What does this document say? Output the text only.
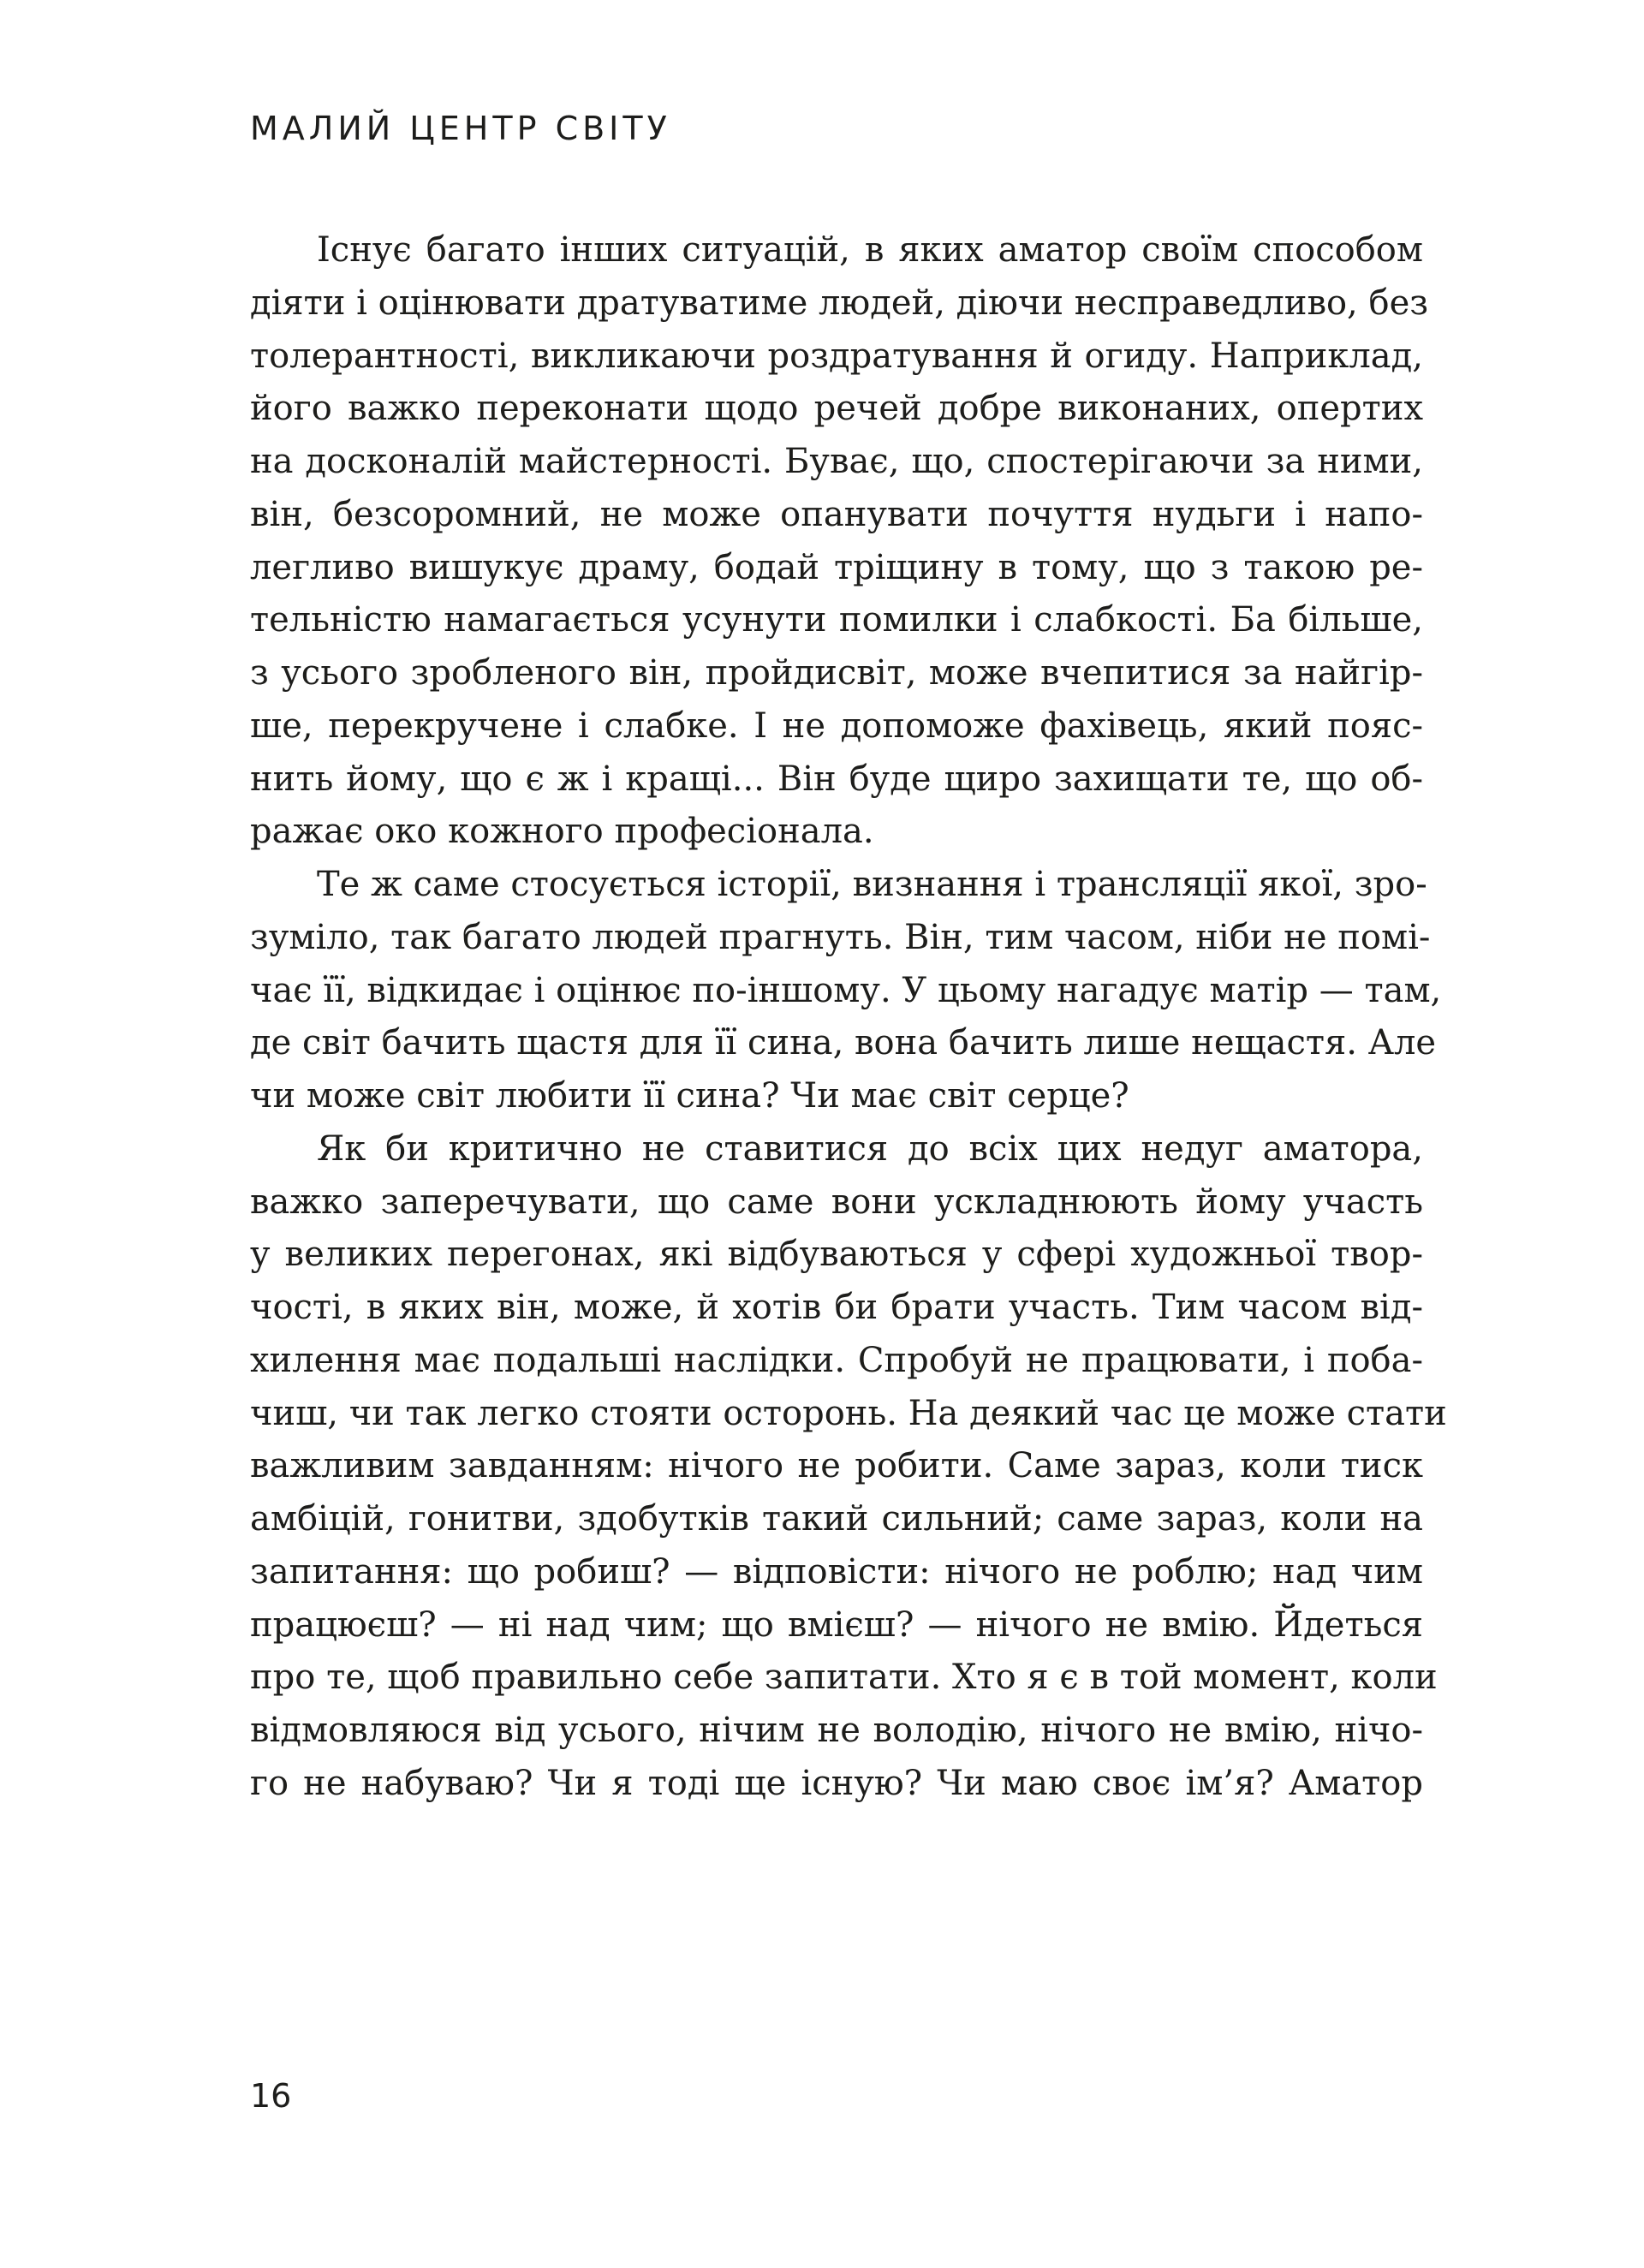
МАЛИЙ ЦЕНТР СВІТУ
Існує багато інших ситуацій, в яких аматор своїм способом
діяти і оцінювати дратуватиме людей, діючи несправедливо, без
толерантності, викликаючи роздратування й огиду. Наприклад,
його важко переконати щодо речей добре виконаних, опертих
на досконалій майстерності. Буває, що, спостерігаючи за ними,
він, безсоромний, не може опанувати почуття нудьги і напо-
легливо вишукує драму, бодай тріщину в тому, що з такою ре-
тельністю намагається усунути помилки і слабкості. Ба більше,
з усього зробленого він, пройдисвіт, може вчепитися за найгір-
ше, перекручене і слабке. І не допоможе фахівець, який пояс-
нить йому, що є ж і кращі... Він буде щиро захищати те, що об-
ражає око кожного професіонала.
Те ж саме стосується історії, визнання і трансляції якої, зро-
зуміло, так багато людей прагнуть. Він, тим часом, ніби не помі-
чає її, відкидає і оцінює по-іншому. У цьому нагадує матір — там,
де світ бачить щастя для її сина, вона бачить лише нещастя. Але
чи може світ любити її сина? Чи має світ серце?
Як би критично не ставитися до всіх цих недуг аматора,
важко заперечувати, що саме вони ускладнюють йому участь
у великих перегонах, які відбуваються у сфері художньої твор-
чості, в яких він, може, й хотів би брати участь. Тим часом від-
хилення має подальші наслідки. Спробуй не працювати, і поба-
чиш, чи так легко стояти осторонь. На деякий час це може стати
важливим завданням: нічого не робити. Саме зараз, коли тиск
амбіцій, гонитви, здобутків такий сильний; саме зараз, коли на
запитання: що робиш? — відповісти: нічого не роблю; над чим
працюєш? — ні над чим; що вмієш? — нічого не вмію. Йдеться
про те, щоб правильно себе запитати. Хто я є в той момент, коли
відмовляюся від усього, нічим не володію, нічого не вмію, нічо-
го не набуваю? Чи я тоді ще існую? Чи маю своє ім’я? Аматор
16
